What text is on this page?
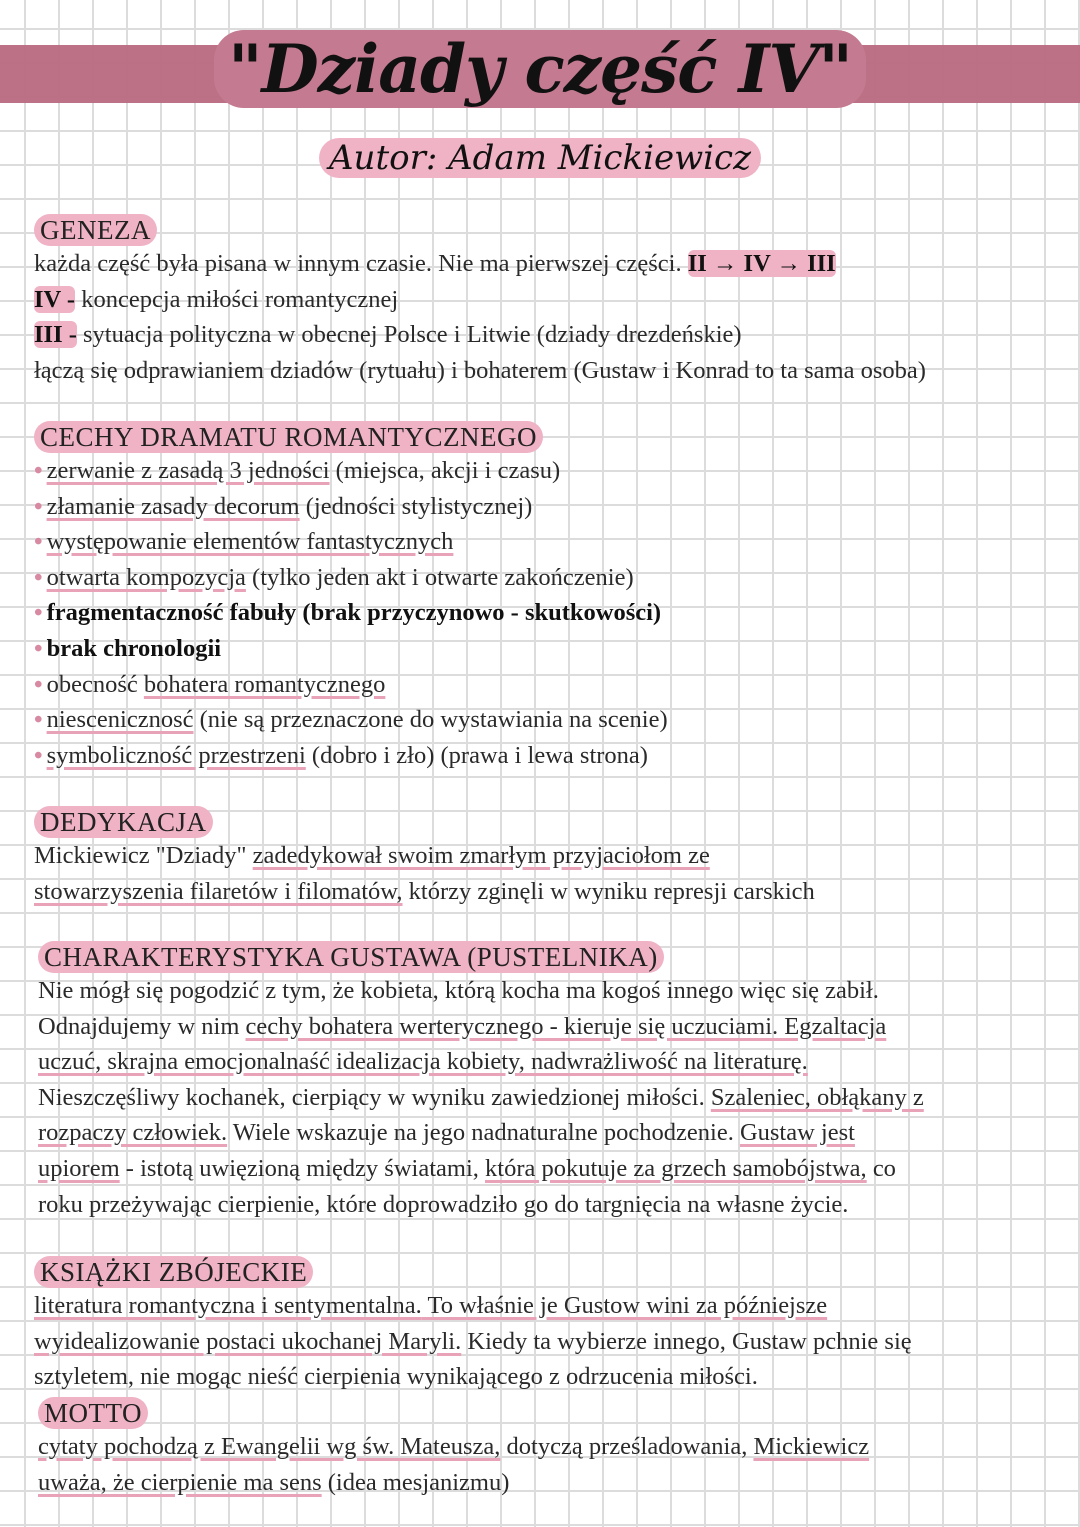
"Dziady część IV"
Autor: Adam Mickiewicz
GENEZA
każda część była pisana w innym czasie. Nie ma pierwszej części. II → IV → III
IV - koncepcja miłości romantycznej
III - sytuacja polityczna w obecnej Polsce i Litwie (dziady drezdeńskie)
łączą się odprawianiem dziadów (rytuału) i bohaterem (Gustaw i Konrad to ta sama osoba)
CECHY DRAMATU ROMANTYCZNEGO
• zerwanie z zasadą 3 jedności (miejsca, akcji i czasu)
• złamanie zasady decorum (jedności stylistycznej)
• występowanie elementów fantastycznych
• otwarta kompozycja (tylko jeden akt i otwarte zakończenie)
• fragmentaczność fabuły (brak przyczynowo - skutkowości)
• brak chronologii
• obecność bohatera romantycznego
• niescenicznosć (nie są przeznaczone do wystawiania na scenie)
• symboliczność przestrzeni (dobro i zło) (prawa i lewa strona)
DEDYKACJA
Mickiewicz "Dziady" zadedykował swoim zmarłym przyjaciołom ze
stowarzyszenia filaretów i filomatów, którzy zginęli w wyniku represji carskich
CHARAKTERYSTYKA GUSTAWA (PUSTELNIKA)
Nie mógł się pogodzić z tym, że kobieta, którą kocha ma kogoś innego więc się zabił.
Odnajdujemy w nim cechy bohatera werterycznego - kieruje się uczuciami. Egzaltacja
uczuć, skrajna emocjonalnaść idealizacja kobiety, nadwrażliwość na literaturę.
Nieszczęśliwy kochanek, cierpiący w wyniku zawiedzionej miłości. Szaleniec, obłąkany z
rozpaczy człowiek. Wiele wskazuje na jego nadnaturalne pochodzenie. Gustaw jest
upiorem - istotą uwięzioną między światami, która pokutuje za grzech samobójstwa, co
roku przeżywając cierpienie, które doprowadziło go do targnięcia na własne życie.
KSIĄŻKI ZBÓJECKIE
literatura romantyczna i sentymentalna. To właśnie je Gustow wini za późniejsze
wyidealizowanie postaci ukochanej Maryli. Kiedy ta wybierze innego, Gustaw pchnie się
sztyletem, nie mogąc nieść cierpienia wynikającego z odrzucenia miłości.
MOTTO
cytaty pochodzą z Ewangelii wg św. Mateusza, dotyczą prześladowania, Mickiewicz
uważa, że cierpienie ma sens (idea mesjanizmu)
